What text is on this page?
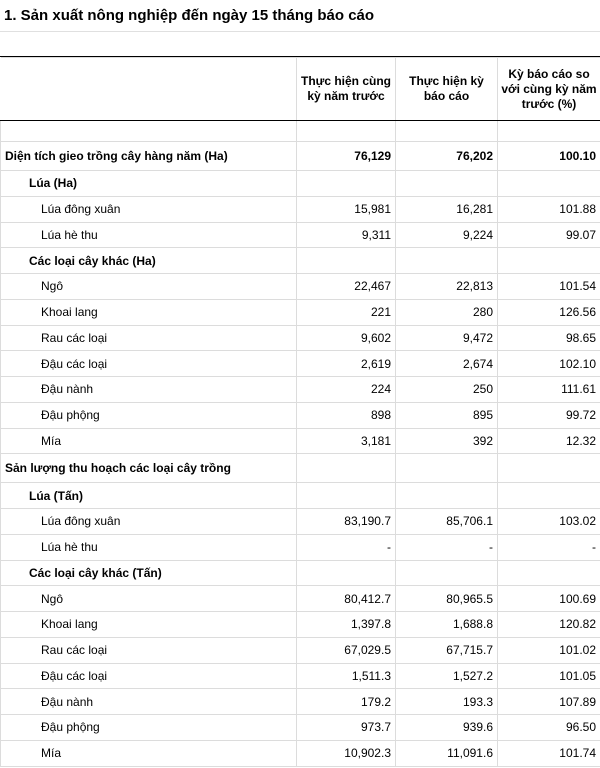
1. Sản xuất nông nghiệp đến ngày 15 tháng báo cáo
	Thực hiện cùng kỳ năm trước	Thực hiện kỳ báo cáo	Kỳ báo cáo so với cùng kỳ năm trước (%)

Diện tích gieo trồng cây hàng năm (Ha)	76,129	76,202	100.10
Lúa (Ha)			
Lúa đông xuân	15,981	16,281	101.88
Lúa hè thu	9,311	9,224	99.07
Các loại cây khác (Ha)			
Ngô	22,467	22,813	101.54
Khoai lang	221	280	126.56
Rau các loại	9,602	9,472	98.65
Đậu các loại	2,619	2,674	102.10
Đậu nành	224	250	111.61
Đậu phộng	898	895	99.72
Mía	3,181	392	12.32
Sản lượng thu hoạch các loại cây trồng			
Lúa (Tấn)			
Lúa đông xuân	83,190.7	85,706.1	103.02
Lúa hè thu	-	-	-
Các loại cây khác (Tấn)			
Ngô	80,412.7	80,965.5	100.69
Khoai lang	1,397.8	1,688.8	120.82
Rau các loại	67,029.5	67,715.7	101.02
Đậu các loại	1,511.3	1,527.2	101.05
Đậu nành	179.2	193.3	107.89
Đậu phộng	973.7	939.6	96.50
Mía	10,902.3	11,091.6	101.74
